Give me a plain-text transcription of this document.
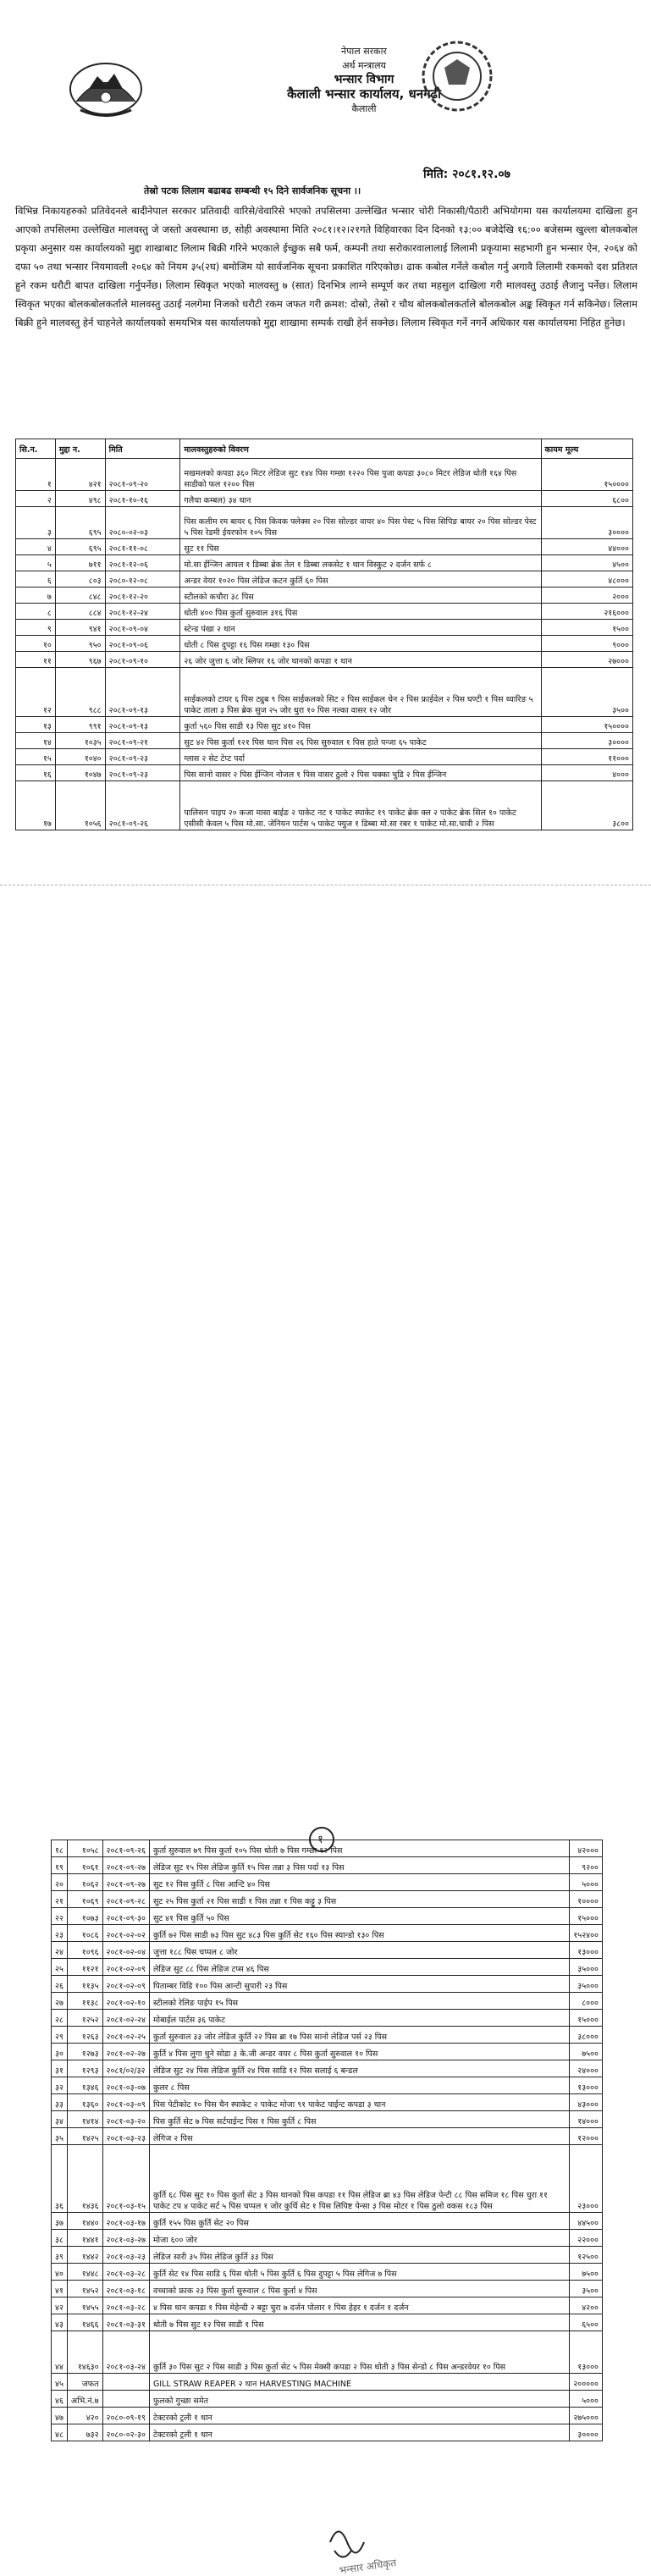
नेपाल सरकार
अर्थ मन्त्रालय
भन्सार विभाग
कैलाली भन्सार कार्यालय, धनगढी
कैलाली
मिति: २०८१.१२.०७
तेस्रो पटक लिलाम बढाबढ सम्बन्धी १५ दिने सार्वजनिक सूचना ।।
विभिन्न निकायहरुको प्रतिवेदनले बादीनेपाल सरकार प्रतिवादी वारिसे/वेवारिसे भएको तपसिलमा उल्लेखित भन्सार चोरी निकासी/पैठारी अभियोगमा यस कार्यालयमा दाखिला हुन आएको तपसिलमा उल्लेखित मालवस्तु जे जस्तो अवस्थामा छ, सोही अवस्थामा मिति २०८१।१२।२१गते विहिवारका दिन दिनको १३:०० बजेदेखि १६:०० बजेसम्म खुल्ला बोलकबोल प्रकृया अनुसार यस कार्यालयको मुद्दा शाखाबाट लिलाम बिक्री गरिने भएकाले ईच्छुक सबै फर्म, कम्पनी तथा सरोकारवालालाई लिलामी प्रकृयामा सहभागी हुन भन्सार ऐन, २०६४ को दफा ५० तथा भन्सार नियमावली २०६४ को नियम ३५(२घ) बमोजिम यो सार्वजनिक सूचना प्रकाशित गरिएकोछ। ढाक कबोल गर्नेले कबोल गर्नु अगावै लिलामी रकमको दश प्रतिशत हुने रकम धरौटी बापत दाखिला गर्नुपर्नेछ। लिलाम स्विकृत भएको मालवस्तु ७ (सात) दिनभित्र लाग्ने सम्पूर्ण कर तथा महसुल दाखिला गरी मालवस्तु उठाई लैजानु पर्नेछ। लिलाम स्विकृत भएका बोलकबोलकर्ताले मालवस्तु उठाई नलगेमा निजको धरौटी रकम जफत गरी क्रमश: दोस्रो, तेस्रो र चौथ बोलकबोलकर्ताले बोलकबोल अङ्क स्विकृत गर्न सकिनेछ। लिलाम बिक्री हुने मालवस्तु हेर्न चाहनेले कार्यालयको समयभित्र यस कार्यालयको मुद्दा शाखामा सम्पर्क राखी हेर्न सक्नेछ। लिलाम स्विकृत गर्ने नगर्ने अधिकार यस कार्यालयमा निहित हुनेछ।
सि.न.	मुद्दा न.	मिति	मालवस्तुहरुको विवरण	कायम मूल्य
१	४२१	२०८१-०९-२०	मखमलको कपडा ३६० मिटर लेडिज सुट १४४ पिस गम्छा १२२० पिस पुजा कपडा ३०८० मिटर लेडिज धोती १६४ पिस साडीको फल १२०० पिस	१५००००
२	४९८	२०८१-१०-१६	गलैचा कम्बल) ३४ थान	६८००
३	६९५	२०८०-०२-०३	पिस कलीम रम बायर ६ पिस किवक फ्लेक्स २० पिस सोल्डर वायर ४० पिस पेस्ट ५ पिस सिपिङ बायर २० पिस सोल्डर पेस्ट ५ पिस रेडमी ईयरफोन १०५ पिस	३००००
४	६९५	२०८१-११-०८	सुट ११ पिस	४४०००
५	७११	२०८१-१२-०६	मो.सा ईन्जिन आयल १ डिब्बा ब्रेक तेल १ डिब्बा लकसेट १ थान विस्कुट २ दर्जन सर्फ ८	४५००
६	८०३	२०८०-१२-०८	अन्डर वेयर १०२० पिस लेडिज कटन कुर्ति ६० पिस	४८०००
७	८४८	२०८१-१२-२०	स्टीलको कचौरा ३८ पिस	२०००
८	८८४	२०८१-१२-२४	धोती ४०० पिस कुर्ता सुरुवाल ३१६ पिस	२१६०००
९	९४१	२०८१-०९-०४	स्टेन्ड पंखा २ थान	१५००
१०	९५०	२०८१-०९-०६	धोती ८ पिस दुपट्टा १६ पिस गम्छा १३० पिस	९०००
११	९६७	२०८१-०९-१०	२६ जोर जुत्ता ६ जोर स्लिपर १६ जोर थानको कपडा १ थान	२७०००
१२	९८८	२०८१-०९-१३	साईकलको टायर ६ पिस ट्युब ९ पिस साईकलको सिट २ पिस साईकल चेन २ पिस फ्राईवेल २ पिस घण्टी १ पिस थ्यारिङ ५ पाकेट ताला ३ पिस ब्रेक सुज २५ जोर धुरा १० पिस नल्का वासर १२ जोर	३५००
१३	९९१	२०८१-०९-१३	कुर्ता ५६० पिस साडी १३ पिस सुट ४१० पिस	१५००००
१४	१०३५	२०८१-०९-२१	सुट ४२ पिस कुर्ता १२१ पिस थान पिस २६ पिस सुरुवाल १ पिस हाते पन्जा ६५ पाकेट	३००००
१५	१०४०	२०८१-०९-२३	ग्लास २ सेट टेप्ट पर्दा	११०००
१६	१०४७	२०८१-०९-२३	पिस सानो वासर २ पिस ईन्जिन नोजल १ पिस वासर ठुलो २ पिस चक्का चुडि २ पिस ईन्जिन	४०००
१७	१०५६	२०८१-०९-२६	पालिसन पाइप २० कजा मासा बाईङ २ पाकेट नट १ पाकेट स्पाकेट १९ पाकेट ब्रेक क्ल २ पाकेट ब्रेक सिल १० पाकेट एसीसी केवल ५ पिस मो.सा. जेनियन पार्टस ५ पाकेट फ्युज १ डिब्बा मो.सा रबर १ पाकेट मो.सा.चावी २ पिस	३८००
१
१८	१०५८	२०८१-०९-२६	कुर्ता सुरुवाल ७९ पिस कुर्ता १०५ पिस धोती ७ पिस गम्छा १२ पिस	४२०००
१९	१०६१	२०८१-०९-२७	लेडिज सुट १५ पिस लेडिज कुर्ति १५ पिस तन्ना ३ पिस पर्दा १३ पिस	९२००
२०	१०६२	२०८१-०९-२७	सुट १२ पिस कुर्ति ८ पिस आन्टि ४० पिस	५०००
२१	१०६९	२०८१-०९-२८	सुट २५ पिस कुर्ता २१ पिस साडी १ पिस तन्ना १ पिस कट्टु ३ पिस	१००००
२२	१०७३	२०८१-०९-३०	सुट ४१ पिस कुर्ति ५० पिस	१५०००
२३	१०८६	२०८१-०२-०२	कुर्ति ७२ पिस साडी ७३ पिस सुट ४८३ पिस कुर्ति सेट १६० पिस स्यान्डो १३० पिस	१५२४००
२४	१०९६	२०८१-०२-०४	जुत्ता १८८ पिस चप्पल ८ जोर	१३०००
२५	११२१	२०८१-०२-०९	लेडिज सुट ८८ पिस लेडिज टप्स ४६ पिस	३५०००
२६	११३५	२०८१-०२-०९	पिताम्बर विडि १०० पिस आन्टी सुपारी २३ पिस	३५०००
२७	११३८	२०८१-०२-१०	स्टीलको रेलिङ पाईप १५ पिस	८०००
२८	१२५२	२०८१-०२-२४	मोबाईल पार्टस ३६ पाकेट	१५०००
२९	१२६३	२०८१-०२-२५	कुर्ता सुरुवाल ३३ जोर लेडिज कुर्ति २२ पिस ब्रा १७ पिस सानो लेडिज पर्स २३ पिस	३८०००
३०	१२७३	२०८१-०२-२७	कुर्ति ४ पिस लुगा धुने सोडा ३ के.जी अन्डर वयर ८ पिस कुर्ता सुरुवाल १० पिस	७५००
३१	१२९३	२०८१/०२/३२	लेडिज सुट २४ पिस लेडिज कुर्ति २४ पिस साडि १२ पिस सलाई ६ बन्डल	२४०००
३२	१३४६	२०८१-०३-०७	कुलर ८ पिस	१३०००
३३	१३६०	२०८१-०३-०९	पिस पेटीकोट १० पिस चैन स्पाकेट २ पाकेट मोजा ९१ पाकेट पाईन्ट कपडा ३ थान	४३०००
३४	१४१४	२०८१-०३-२०	पिस कुर्ति सेट ७ पिस सर्टपाईन्ट पिस १ पिस कुर्ति ८ पिस	१४०००
३५	१४२५	२०८१-०३-२३	लेगिज २ पिस	१२०००
३६	१४३६	२०८१-०३-१५	कुर्ति ६८ पिस सुट १० पिस कुर्ता सेट ३ पिस थानको पिस कपडा ११ पिस लेडिज ब्रा ४३ पिस लेडिज पेन्टी ८८ पिस समिज १८ पिस चुरा ११ पाकेट टप ४ पाकेट सर्ट ५ पिस चप्पल १ जोर कुर्थि सेट १ पिस लिपिष्ट पेन्सा ३ पिस मोटर १ पिस ठुलो वकस १८३ पिस	२३०००
३७	१४४०	२०८१-०३-१७	कुर्ति १५५ पिस कुर्ति सेट २० पिस	४४५००
३८	१४४१	२०८१-०३-२७	मोजा ६०० जोर	२२०००
३९	१४४२	२०८१-०३-२३	लेडिज सारी ३५ पिस लेडिज कुर्ति ३३ पिस	१२५००
४०	१४४८	२०८१-०३-२८	कुर्ति सेट १४ पिस साडि ६ पिस धोती ५ पिस कुर्ति ६ पिस दुपट्टा ५ पिस लेगिज ७ पिस	७५००
४१	१४५२	२०८१-०३-१८	वच्चाको फ्राक २३ पिस कुर्ता सुरुवाल ८ पिस कुर्ता ४ पिस	३५००
४२	१४५५	२०८१-०३-२८	४ पिस थान कपडा १ पिस मेहेन्दी २ बट्टा चुरा ७ दर्जन पोलार १ पिस हेहर १ दर्जन १ दर्जन	४२००
४३	१४६६	२०८१-०३-३१	धोती ७ पिस सुट १२ पिस साडी १ पिस	६५००
४४	१४६३०	२०८१-०३-२४	कुर्ति ३० पिस सुट २ पिस साडी ३ पिस कुर्ता सेट ५ पिस मेक्सी कपडा २ पिस धोती ३ पिस सेन्डो ८ पिस अन्डरवेयर १० पिस	१३०००
४५	जफत		GILL STRAW REAPER २ थान HARVESTING MACHINE	२०००००
४६	अभि.नं.७		फुलको गुच्छा समेत	५०००
४७	४२०	२०८०-०९-१९	टेक्टरको ट्रली १ थान	२७५०००
४८	७३२	२०८०-०२-३०	टेक्टरको ट्रली १ थान	३००००
भन्सार अधिकृत
